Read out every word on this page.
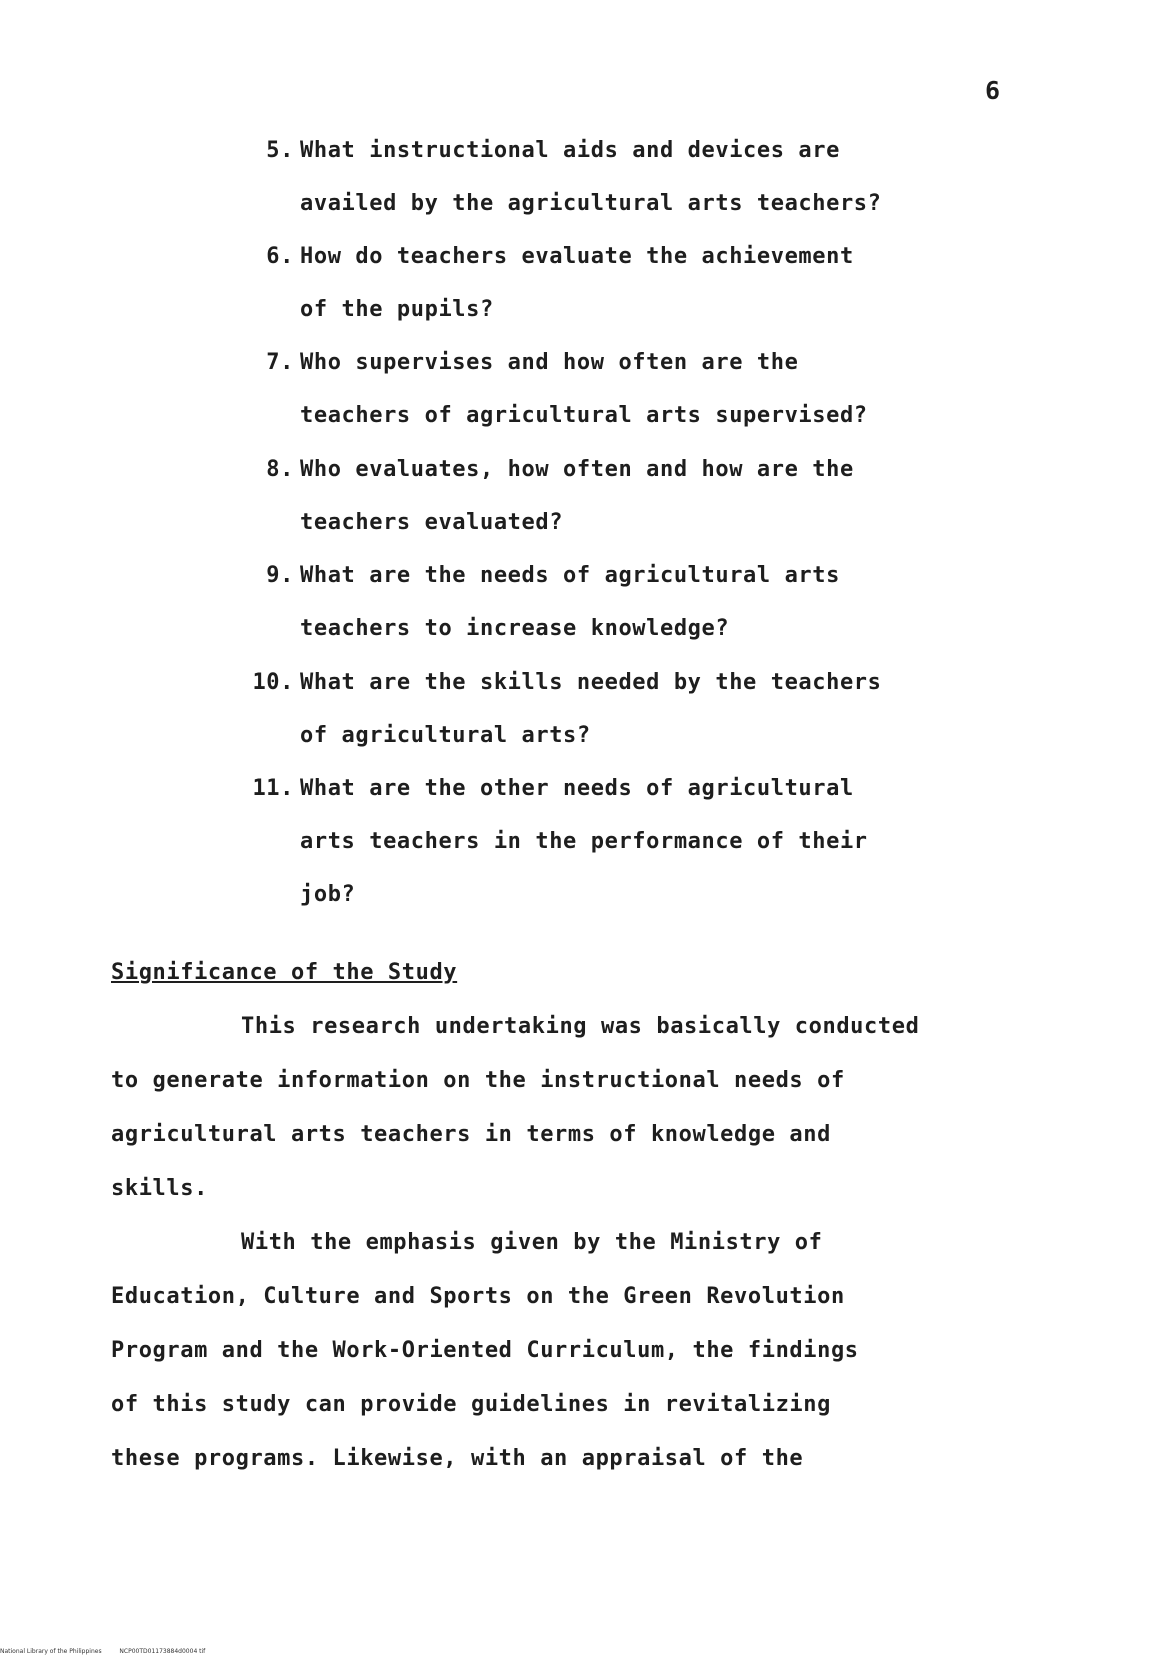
6
5. What instructional aids and devices are
availed by the agricultural arts teachers?
6. How do teachers evaluate the achievement
of the pupils?
7. Who supervises and how often are the
teachers of agricultural arts supervised?
8. Who evaluates, how often and how are the
teachers evaluated?
9. What are the needs of agricultural arts
teachers to increase knowledge?
10. What are the skills needed by the teachers
of agricultural arts?
11. What are the other needs of agricultural
arts teachers in the performance of their
job?
Significance of the Study
This research undertaking was basically conducted
to generate information on the instructional needs of
agricultural arts teachers in terms of knowledge and
skills.
With the emphasis given by the Ministry of
Education, Culture and Sports on the Green Revolution
Program and the Work-Oriented Curriculum, the findings
of this study can provide guidelines in revitalizing
these programs. Likewise, with an appraisal of the
National Library of the Philippines	NCP00TD01173884d0004 tif
